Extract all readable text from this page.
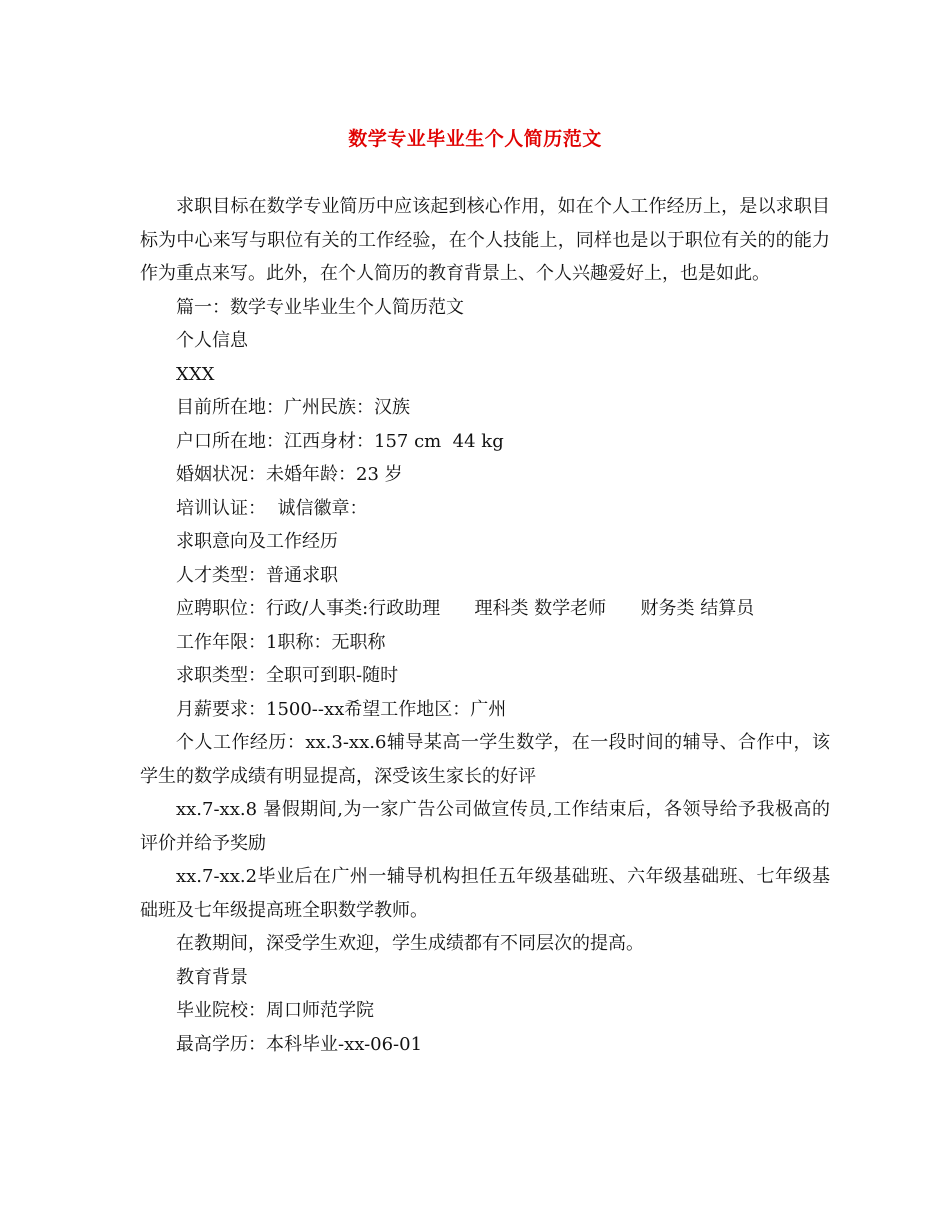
数学专业毕业生个人简历范文

求职目标在数学专业简历中应该起到核心作用，如在个人工作经历上，是以求职目标为中心来写与职位有关的工作经验，在个人技能上，同样也是以于职位有关的的能力作为重点来写。此外，在个人简历的教育背景上、个人兴趣爱好上，也是如此。

篇一：数学专业毕业生个人简历范文

个人信息

XXX

目前所在地：广州民族：汉族

户口所在地：江西身材：157 cm  44 kg

婚姻状况：未婚年龄：23 岁

培训认证：  诚信徽章：

求职意向及工作经历

人才类型：普通求职

应聘职位：行政/人事类:行政助理      理科类 数学老师      财务类 结算员

工作年限：1职称：无职称

求职类型：全职可到职-随时

月薪要求：1500--xx希望工作地区：广州

个人工作经历：xx.3-xx.6辅导某高一学生数学，在一段时间的辅导、合作中，该学生的数学成绩有明显提高，深受该生家长的好评

xx.7-xx.8 暑假期间,为一家广告公司做宣传员,工作结束后，各领导给予我极高的评价并给予奖励

xx.7-xx.2毕业后在广州一辅导机构担任五年级基础班、六年级基础班、七年级基础班及七年级提高班全职数学教师。

在教期间，深受学生欢迎，学生成绩都有不同层次的提高。

教育背景

毕业院校：周口师范学院

最高学历：本科毕业-xx-06-01
